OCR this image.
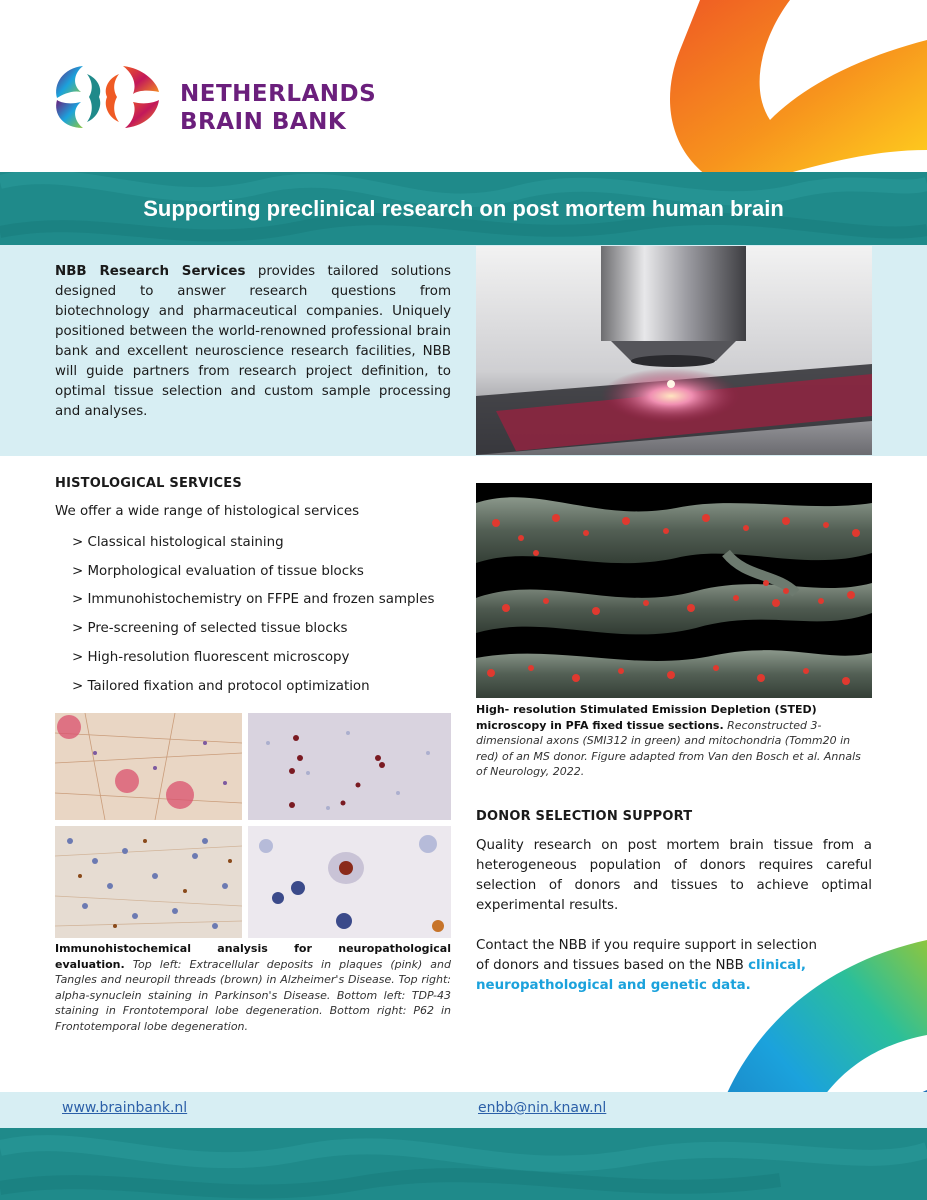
NETHERLANDS
BRAIN BANK
Supporting preclinical research on post mortem human brain
NBB Research Services provides tailored solutions designed to answer research questions from biotechnology and pharmaceutical companies. Uniquely positioned between the world-renowned professional brain bank and excellent neuroscience research facilities, NBB will guide partners from research project definition, to optimal tissue selection and custom sample processing and analyses.
HISTOLOGICAL SERVICES
We offer a wide range of histological services
> Classical histological staining
> Morphological evaluation of tissue blocks
> Immunohistochemistry on FFPE and frozen samples
> Pre-screening of selected tissue blocks
> High-resolution fluorescent microscopy
> Tailored fixation and protocol optimization
High- resolution Stimulated Emission Depletion (STED) microscopy in PFA fixed tissue sections. Reconstructed 3-dimensional axons (SMI312 in green) and mitochondria (Tomm20 in red) of an MS donor. Figure adapted from Van den Bosch et al. Annals of Neurology, 2022.
Immunohistochemical analysis for neuropathological evaluation. Top left: Extracellular deposits in plaques (pink) and Tangles and neuropil threads (brown) in Alzheimer's Disease. Top right: alpha-synuclein staining in Parkinson's Disease. Bottom left: TDP-43 staining in Frontotemporal lobe degeneration. Bottom right: P62 in Frontotemporal lobe degeneration.
DONOR SELECTION SUPPORT
Quality research on post mortem brain tissue from a heterogeneous population of donors requires careful selection of donors and tissues to achieve optimal experimental results.
Contact the NBB if you require support in selection
of donors and tissues based on the NBB clinical,
neuropathological and genetic data.
www.brainbank.nl	enbb@nin.knaw.nl
